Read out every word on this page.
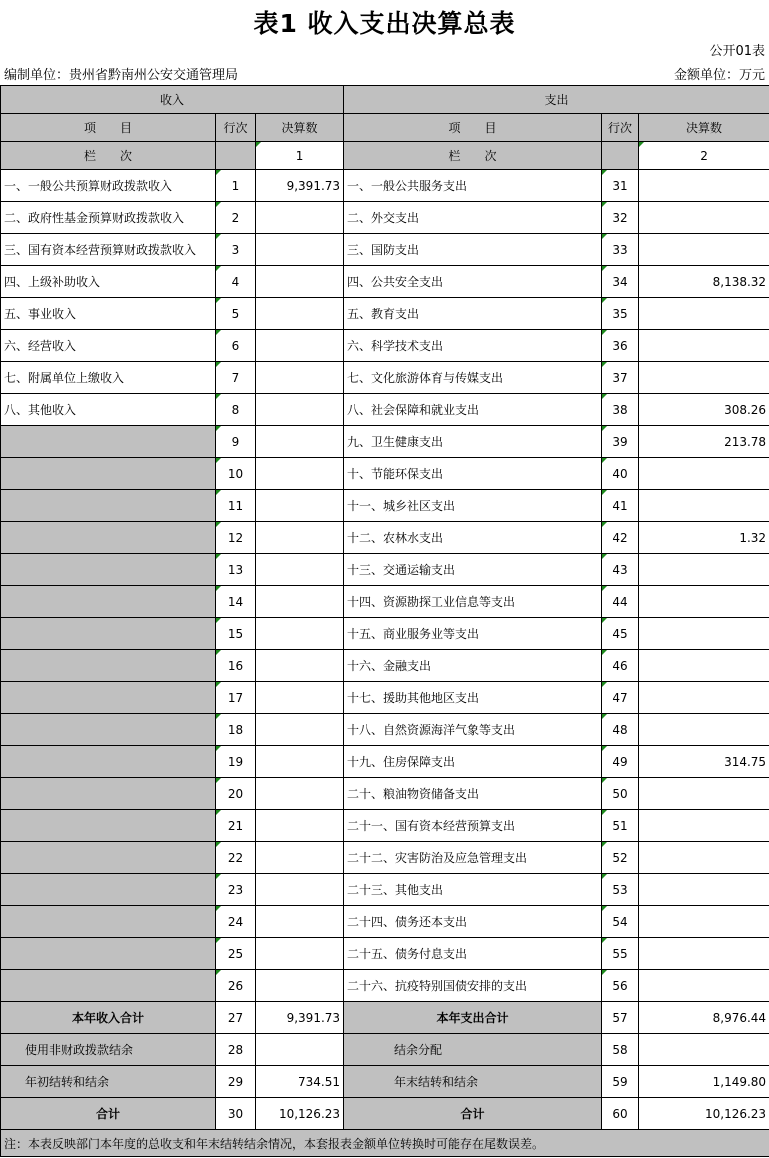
表1 收入支出决算总表
公开01表
编制单位：贵州省黔南州公安交通管理局	金额单位：万元
收入			支出		
项　　目	行次	决算数	项　　目	行次	决算数
栏　　次		1	栏　　次		2
一、一般公共预算财政拨款收入	1	9,391.73	一、一般公共服务支出	31	
二、政府性基金预算财政拨款收入	2		二、外交支出	32	
三、国有资本经营预算财政拨款收入	3		三、国防支出	33	
四、上级补助收入	4		四、公共安全支出	34	8,138.32
五、事业收入	5		五、教育支出	35	
六、经营收入	6		六、科学技术支出	36	
七、附属单位上缴收入	7		七、文化旅游体育与传媒支出	37	
八、其他收入	8		八、社会保障和就业支出	38	308.26
	9		九、卫生健康支出	39	213.78
	10		十、节能环保支出	40	
	11		十一、城乡社区支出	41	
	12		十二、农林水支出	42	1.32
	13		十三、交通运输支出	43	
	14		十四、资源勘探工业信息等支出	44	
	15		十五、商业服务业等支出	45	
	16		十六、金融支出	46	
	17		十七、援助其他地区支出	47	
	18		十八、自然资源海洋气象等支出	48	
	19		十九、住房保障支出	49	314.75
	20		二十、粮油物资储备支出	50	
	21		二十一、国有资本经营预算支出	51	
	22		二十二、灾害防治及应急管理支出	52	
	23		二十三、其他支出	53	
	24		二十四、债务还本支出	54	
	25		二十五、债务付息支出	55	
	26		二十六、抗疫特别国债安排的支出	56	
本年收入合计	27	9,391.73	本年支出合计	57	8,976.44
使用非财政拨款结余	28		结余分配	58	
年初结转和结余	29	734.51	年末结转和结余	59	1,149.80
合计	30	10,126.23	合计	60	10,126.23
注：本表反映部门本年度的总收支和年末结转结余情况，本套报表金额单位转换时可能存在尾数误差。					
